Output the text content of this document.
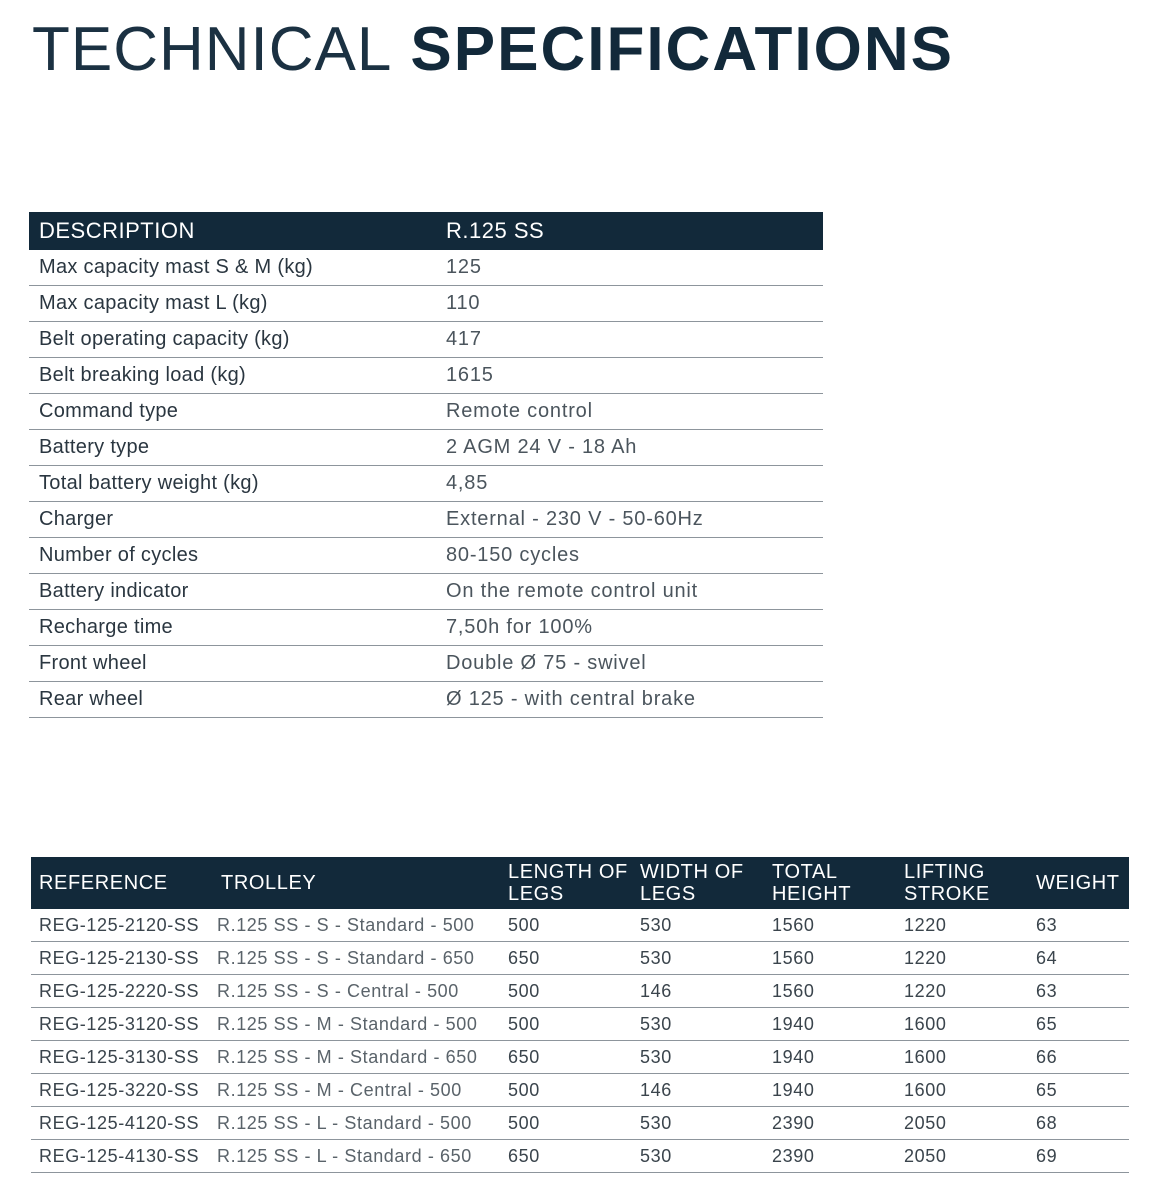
TECHNICAL SPECIFICATIONS
DESCRIPTION	R.125 SS
Max capacity mast S & M (kg)	125
Max capacity mast L (kg)	110
Belt operating capacity (kg)	417
Belt breaking load (kg)	1615
Command type	Remote control
Battery type	2 AGM 24 V - 18 Ah
Total battery weight (kg)	4,85
Charger	External - 230 V - 50-60Hz
Number of cycles	80-150 cycles
Battery indicator	On the remote control unit
Recharge time	7,50h for 100%
Front wheel	Double Ø 75 - swivel
Rear wheel	Ø 125 - with central brake
REFERENCE	TROLLEY	LENGTH OF LEGS	WIDTH OF LEGS	TOTAL HEIGHT	LIFTING STROKE	WEIGHT
REG-125-2120-SS	R.125 SS - S - Standard - 500	500	530	1560	1220	63
REG-125-2130-SS	R.125 SS - S - Standard - 650	650	530	1560	1220	64
REG-125-2220-SS	R.125 SS - S - Central - 500	500	146	1560	1220	63
REG-125-3120-SS	R.125 SS - M - Standard - 500	500	530	1940	1600	65
REG-125-3130-SS	R.125 SS - M - Standard - 650	650	530	1940	1600	66
REG-125-3220-SS	R.125 SS - M - Central - 500	500	146	1940	1600	65
REG-125-4120-SS	R.125 SS - L - Standard - 500	500	530	2390	2050	68
REG-125-4130-SS	R.125 SS - L - Standard - 650	650	530	2390	2050	69
